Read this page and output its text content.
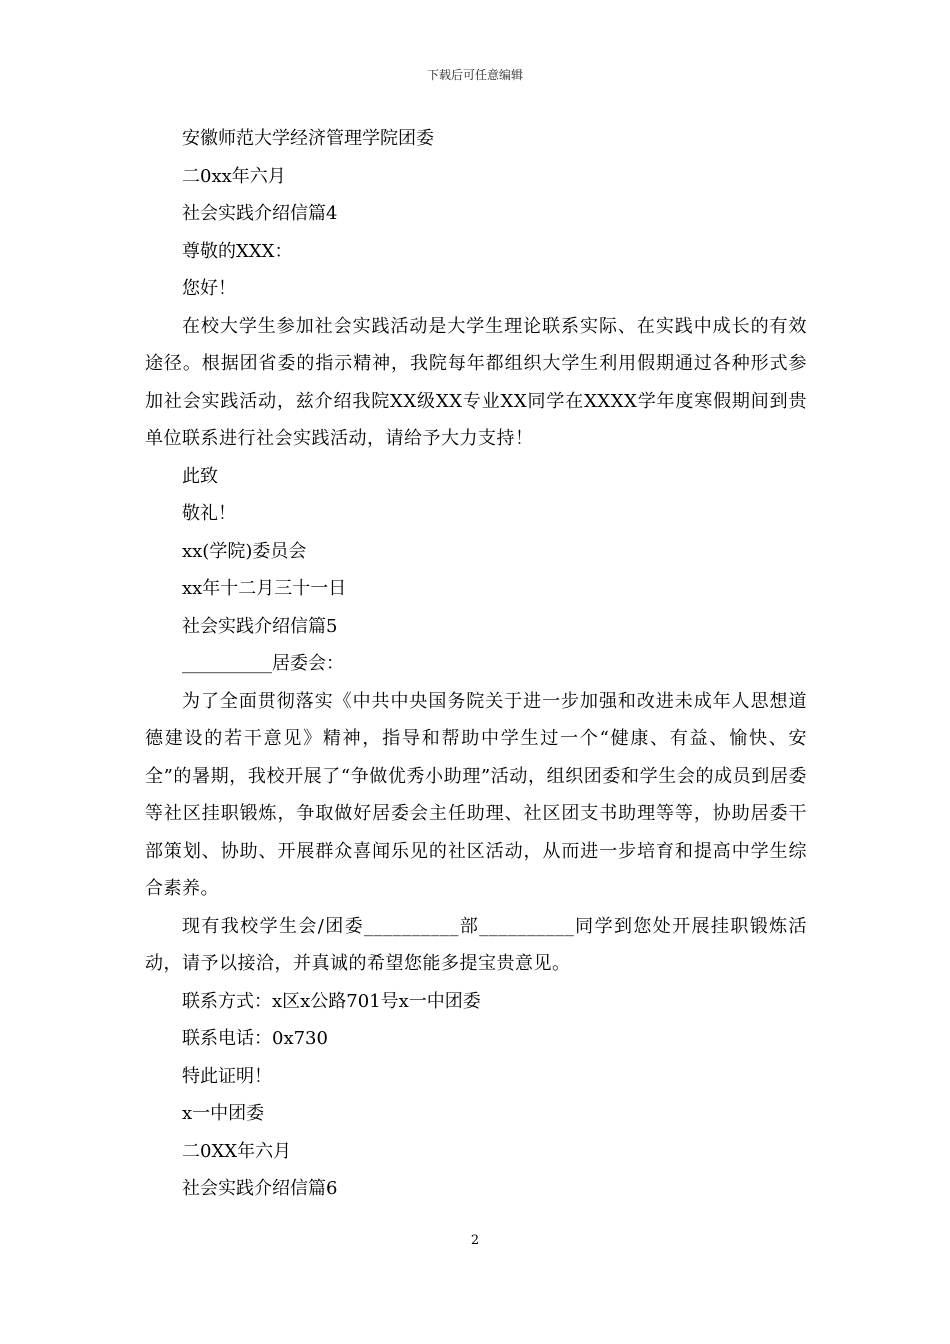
下载后可任意编辑
安徽师范大学经济管理学院团委
二0xx年六月
社会实践介绍信篇4
尊敬的XXX：
您好！
在校大学生参加社会实践活动是大学生理论联系实际、在实践中成长的有效途径。根据团省委的指示精神，我院每年都组织大学生利用假期通过各种形式参加社会实践活动，兹介绍我院XX级XX专业XX同学在XXXX学年度寒假期间到贵单位联系进行社会实践活动，请给予大力支持！
此致
敬礼！
xx(学院)委员会
xx年十二月三十一日
社会实践介绍信篇5
__________居委会：
为了全面贯彻落实《中共中央国务院关于进一步加强和改进未成年人思想道德建设的若干意见》精神，指导和帮助中学生过一个“健康、有益、愉快、安全”的暑期，我校开展了“争做优秀小助理”活动，组织团委和学生会的成员到居委等社区挂职锻炼，争取做好居委会主任助理、社区团支书助理等等，协助居委干部策划、协助、开展群众喜闻乐见的社区活动，从而进一步培育和提高中学生综合素养。
现有我校学生会/团委__________部__________同学到您处开展挂职锻炼活动，请予以接洽，并真诚的希望您能多提宝贵意见。
联系方式：x区x公路701号x一中团委
联系电话：0x730
特此证明！
x一中团委
二0XX年六月
社会实践介绍信篇6
2
